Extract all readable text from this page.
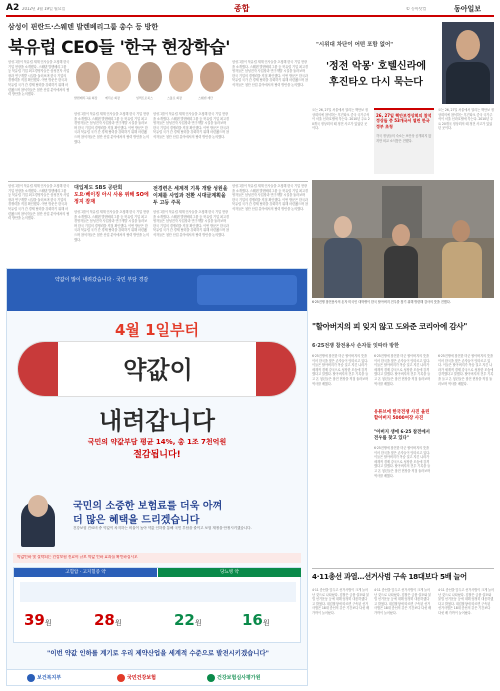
A2 2012년 3월 19일 월요일	종합	© 동아닷컴	동아일보
삼성이 핀란드·스웨덴 발렌베리그룹 총수 등 방한
북유럽 CEO들 '한국 현장학습'
삼성그룹이 북유럽 재계 인사들을 초청해 한국 기업 현장을 소개했다. 스웨덴 발렌베리그룹 등 북유럽 기업 최고경영자들은 삼성전자 사업장과 연구개발 시설을 둘러보며 한국 기업의 경쟁력을 직접 확인했다. 이번 방문은 한국과 북유럽 국가 간 경제 협력을 강화하기 위해 마련됐으며 참석자들은 첨단 산업 분야에서의 협력 방안을 논의했다.
발렌베리그룹 회장	에릭슨 회장	일렉트로룩스	스톨로 회장	스웨덴 재단
삼성그룹이 북유럽 재계 인사들을 초청해 한국 기업 현장을 소개했다. 스웨덴 발렌베리그룹 등 북유럽 기업 최고경영자들은 삼성전자 사업장과 연구개발 시설을 둘러보며 한국 기업의 경쟁력을 직접 확인했다. 이번 방문은 한국과 북유럽 국가 간 경제 협력을 강화하기 위해 마련됐으며 참석자들은 첨단 산업 분야에서의 협력 방안을 논의했다.
삼성그룹이 북유럽 재계 인사들을 초청해 한국 기업 현장을 소개했다. 스웨덴 발렌베리그룹 등 북유럽 기업 최고경영자들은 삼성전자 사업장과 연구개발 시설을 둘러보며 한국 기업의 경쟁력을 직접 확인했다. 이번 방문은 한국과 북유럽 국가 간 경제 협력을 강화하기 위해 마련됐으며 참석자들은 첨단 산업 분야에서의 협력 방안을 논의했다.
삼성그룹이 북유럽 재계 인사들을 초청해 한국 기업 현장을 소개했다. 스웨덴 발렌베리그룹 등 북유럽 기업 최고경영자들은 삼성전자 사업장과 연구개발 시설을 둘러보며 한국 기업의 경쟁력을 직접 확인했다. 이번 방문은 한국과 북유럽 국가 간 경제 협력을 강화하기 위해 마련됐으며 참석자들은 첨단 산업 분야에서의 협력 방안을 논의했다.
대입제도 SBS 공판회
도요·베이징 아시 사용 위해 SO에 정지 잠재
전경련은 세계적 기록 개발 성원을 이제를 사업과 전환 시대글계획을 두 고등 주목
삼성그룹이 북유럽 재계 인사들을 초청해 한국 기업 현장을 소개했다. 스웨덴 발렌베리그룹 등 북유럽 기업 최고경영자들은 삼성전자 사업장과 연구개발 시설을 둘러보며 한국 기업의 경쟁력을 직접 확인했다. 이번 방문은 한국과 북유럽 국가 간 경제 협력을 강화하기 위해 마련됐으며 참석자들은 첨단 산업 분야에서의 협력 방안을 논의했다.
삼성그룹이 북유럽 재계 인사들을 초청해 한국 기업 현장을 소개했다. 스웨덴 발렌베리그룹 등 북유럽 기업 최고경영자들은 삼성전자 사업장과 연구개발 시설을 둘러보며 한국 기업의 경쟁력을 직접 확인했다. 이번 방문은 한국과 북유럽 국가 간 경제 협력을 강화하기 위해 마련됐으며 참석자들은 첨단 산업 분야에서의 협력 방안을 논의했다.
삼성그룹이 북유럽 재계 인사들을 초청해 한국 기업 현장을 소개했다. 스웨덴 발렌베리그룹 등 북유럽 기업 최고경영자들은 삼성전자 사업장과 연구개발 시설을 둘러보며 한국 기업의 경쟁력을 직접 확인했다. 이번 방문은 한국과 북유럽 국가 간 경제 협력을 강화하기 위해 마련됐으며 참석자들은 첨단 산업 분야에서의 협력 방안을 논의했다.
삼성그룹이 북유럽 재계 인사들을 초청해 한국 기업 현장을 소개했다. 스웨덴 발렌베리그룹 등 북유럽 기업 최고경영자들은 삼성전자 사업장과 연구개발 시설을 둘러보며 한국 기업의 경쟁력을 직접 확인했다. 이번 방문은 한국과 북유럽 국가 간 경제 협력을 강화하기 위해 마련됐으며 참석자들은 첨단 산업 분야에서의 협력 방안을 논의했다.
약값이 많이 내려갔습니다 · 국민 부담 경감
4월 1일부터
약값이
내려갑니다
국민의 약값부담 평균 14%, 총 1조 7천억원
절감됩니다!
국민의 소중한 보험료를 더욱 아껴
더 많은 혜택을 드리겠습니다
건강보험 진료비 중 약값이 차지하는 비율이 높아 약값 인하를 통해 국민 부담을 줄이고 보험 재정을 안정시키겠습니다.
약값인하 및 절약되는 건강보험 진료비 규모 약값 인하 효과를 확인하십시오
고혈압 · 고지혈증 약	당뇨병 약
39원	28원	22원	16원
"이번 약값 인하를 계기로 우리 제약산업을 세계적 수준으로 발전시키겠습니다"
보건복지부	국민건강보험	건강보험심사평가원
"시위대 차단이 어떤 포함 없어"
'정전 악몽' 호텔신라에
후진타오 다시 묵는다
오는 26, 27일 서울에서 열리는 핵안보 정상회의에 참석하는 후진타오 중국 국가주석이 서울 신라호텔에 묵는다. 2010년 주요 20개국 정상회의 때 정전 사고가 있었던 곳이다.
26, 27일 핵안보정상회의 참석 정상들 중 53개국서 열린 한국정부 초청
각국 정상들의 숙소는 보안상 공개되지 않지만 외교 소식통은 전했다.
오는 26, 27일 서울에서 열리는 핵안보 정상회의에 참석하는 후진타오 중국 국가주석이 서울 신라호텔에 묵는다. 2010년 주요 20개국 정상회의 때 정전 사고가 있었던 곳이다.
6·25전쟁 참전용사의 손자 미국인 대학생이 한국 할아버지 전우를 찾기 위해 방한해 감사의 뜻을 전했다.
"할아버지의 피 잊지 않고 도와준 코리아에 감사"
6·25전쟁 참전용사 손자들 잇따라 방한
6·25전쟁에 참전한 미군 할아버지의 뜻을 이어 한국을 찾은 손자들이 잇따르고 있다. 이들은 할아버지가 목숨 걸고 지킨 나라가 세계적 경제 강국으로 성장한 모습에 감격했다고 말했다. 할아버지의 전투 기록을 들고 온 청년들은 참전 현장을 직접 둘러보며 역사를 배웠다.
6·25전쟁에 참전한 미군 할아버지의 뜻을 이어 한국을 찾은 손자들이 잇따르고 있다. 이들은 할아버지가 목숨 걸고 지킨 나라가 세계적 경제 강국으로 성장한 모습에 감격했다고 말했다. 할아버지의 전투 기록을 들고 온 청년들은 참전 현장을 직접 둘러보며 역사를 배웠다.
유튜브에 한국전쟁 사진 올린 할아버지 5000여장 사진
"아버지 생애 6·25 참전에서 전우를 찾고 있다"
6·25전쟁에 참전한 미군 할아버지의 뜻을 이어 한국을 찾은 손자들이 잇따르고 있다. 이들은 할아버지가 목숨 걸고 지킨 나라가 세계적 경제 강국으로 성장한 모습에 감격했다고 말했다. 할아버지의 전투 기록을 들고 온 청년들은 참전 현장을 직접 둘러보며 역사를 배웠다.
6·25전쟁에 참전한 미군 할아버지의 뜻을 이어 한국을 찾은 손자들이 잇따르고 있다. 이들은 할아버지가 목숨 걸고 지킨 나라가 세계적 경제 강국으로 성장한 모습에 감격했다고 말했다. 할아버지의 전투 기록을 들고 온 청년들은 참전 현장을 직접 둘러보며 역사를 배웠다.
4·11총선 과열…선거사범 구속 18대보다 5배 늘어
4·11 총선을 앞두고 선거사범이 크게 늘어난 것으로 나타났다. 검찰은 금품 살포와 불법 선거운동 등에 대해 엄정히 대응하겠다고 밝혔다. 대검찰청에 따르면 구속된 선거사범은 18대 총선의 같은 기간보다 다섯 배 가까이 늘어났다.
4·11 총선을 앞두고 선거사범이 크게 늘어난 것으로 나타났다. 검찰은 금품 살포와 불법 선거운동 등에 대해 엄정히 대응하겠다고 밝혔다. 대검찰청에 따르면 구속된 선거사범은 18대 총선의 같은 기간보다 다섯 배 가까이 늘어났다.
4·11 총선을 앞두고 선거사범이 크게 늘어난 것으로 나타났다. 검찰은 금품 살포와 불법 선거운동 등에 대해 엄정히 대응하겠다고 밝혔다. 대검찰청에 따르면 구속된 선거사범은 18대 총선의 같은 기간보다 다섯 배 가까이 늘어났다.
